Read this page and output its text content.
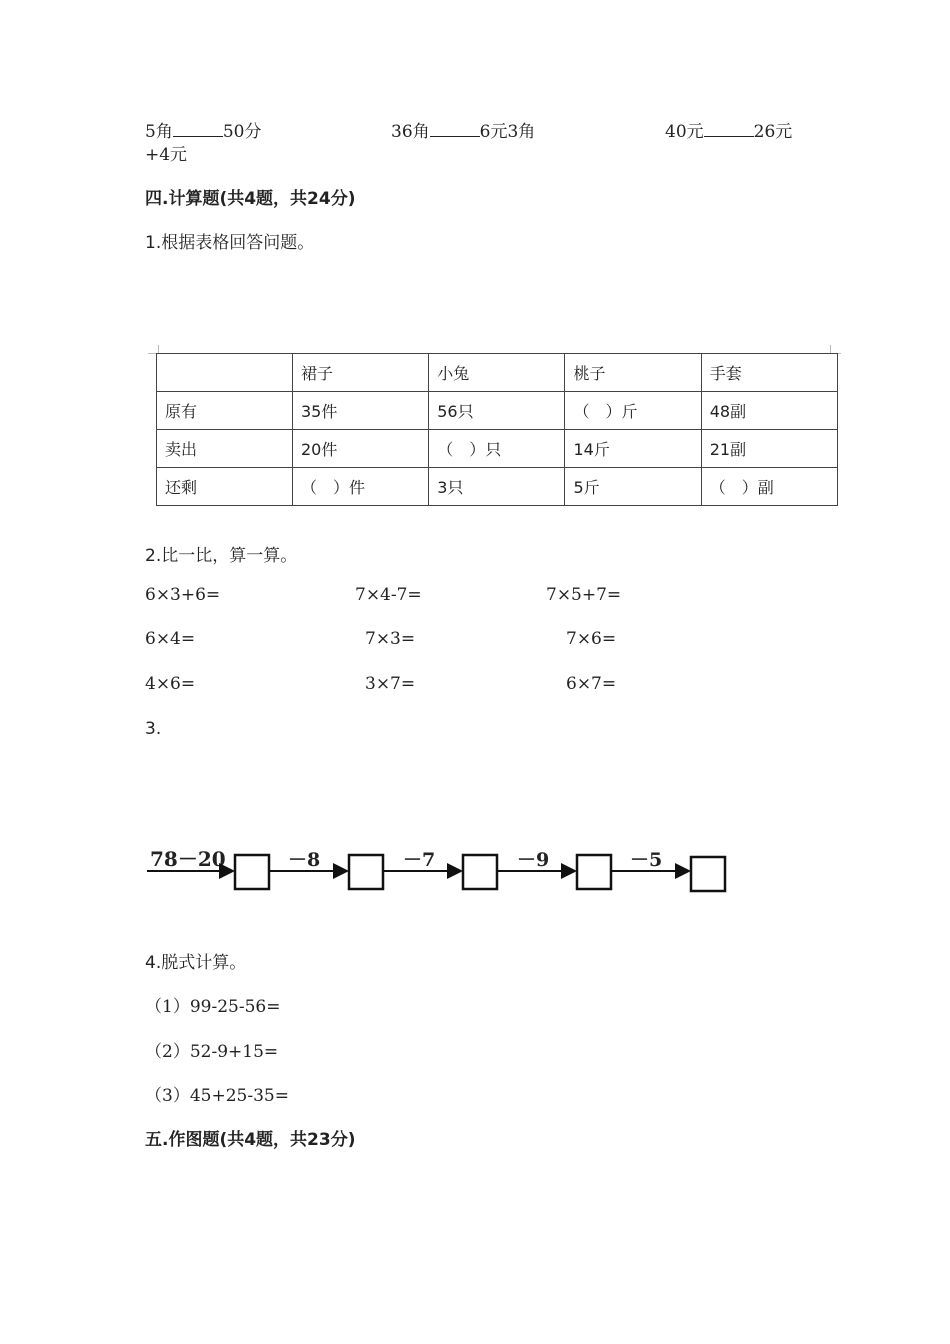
5角	50分	36角	6元3角	40元	26元
+4元
四.计算题(共4题，共24分)
1.根据表格回答问题。
	裙子	小兔	桃子	手套
原有	35件	56只	（　）斤	48副
卖出	20件	（　）只	14斤	21副
还剩	（　）件	3只	5斤	（　）副
2.比一比，算一算。
6×3+6=	7×4-7=	7×5+7=
6×4=	7×3=	7×6=
4×6=	3×7=	6×7=
3.
78－20	－8	－7	－9	－5
4.脱式计算。
（1）99-25-56=
（2）52-9+15=
（3）45+25-35=
五.作图题(共4题，共23分)
